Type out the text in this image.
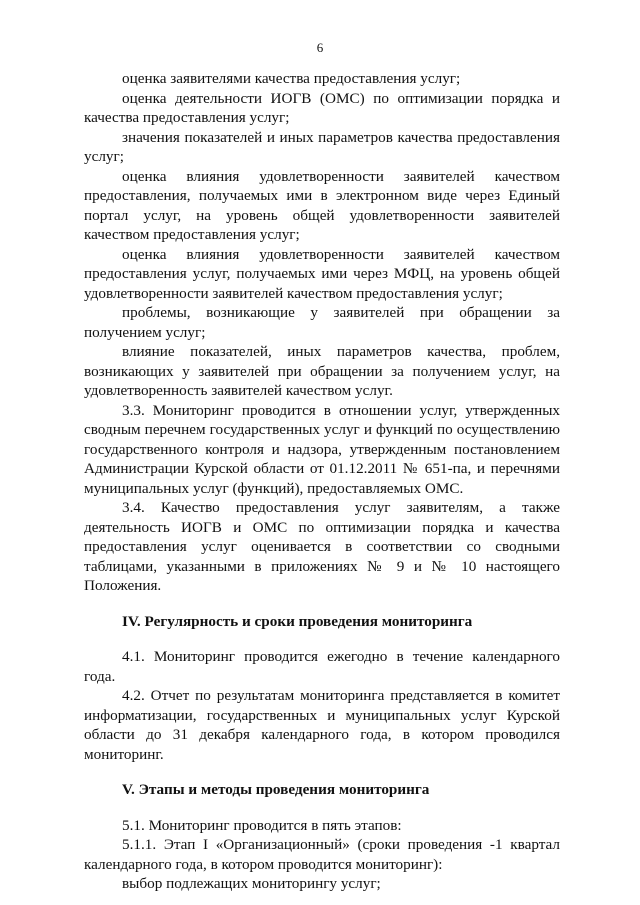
6

оценка заявителями качества предоставления услуг;

оценка деятельности ИОГВ (ОМС) по оптимизации порядка и качества предоставления услуг;

значения показателей и иных параметров качества предоставления услуг;

оценка влияния удовлетворенности заявителей качеством предоставления, получаемых ими в электронном виде через Единый портал услуг, на уровень общей удовлетворенности заявителей качеством предоставления услуг;

оценка влияния удовлетворенности заявителей качеством предоставления услуг, получаемых ими через МФЦ, на уровень общей удовлетворенности заявителей качеством предоставления услуг;

проблемы, возникающие у заявителей при обращении за получением услуг;

влияние показателей, иных параметров качества, проблем, возникающих у заявителей при обращении за получением услуг, на удовлетворенность заявителей качеством услуг.

3.3. Мониторинг проводится в отношении услуг, утвержденных сводным перечнем государственных услуг и функций по осуществлению государственного контроля и надзора, утвержденным постановлением Администрации Курской области от 01.12.2011 № 651-па, и перечнями муниципальных услуг (функций), предоставляемых ОМС.

3.4. Качество предоставления услуг заявителям, а также деятельность ИОГВ и ОМС по оптимизации порядка и качества предоставления услуг оценивается в соответствии со сводными таблицами, указанными в приложениях № 9 и № 10 настоящего Положения.

IV. Регулярность и сроки проведения мониторинга

4.1. Мониторинг проводится ежегодно в течение календарного года.

4.2. Отчет по результатам мониторинга представляется в комитет информатизации, государственных и муниципальных услуг Курской области до 31 декабря календарного года, в котором проводился мониторинг.

V. Этапы и методы проведения мониторинга

5.1. Мониторинг проводится в пять этапов:

5.1.1. Этап I «Организационный» (сроки проведения -1 квартал календарного года, в котором проводится мониторинг):

выбор подлежащих мониторингу услуг;
